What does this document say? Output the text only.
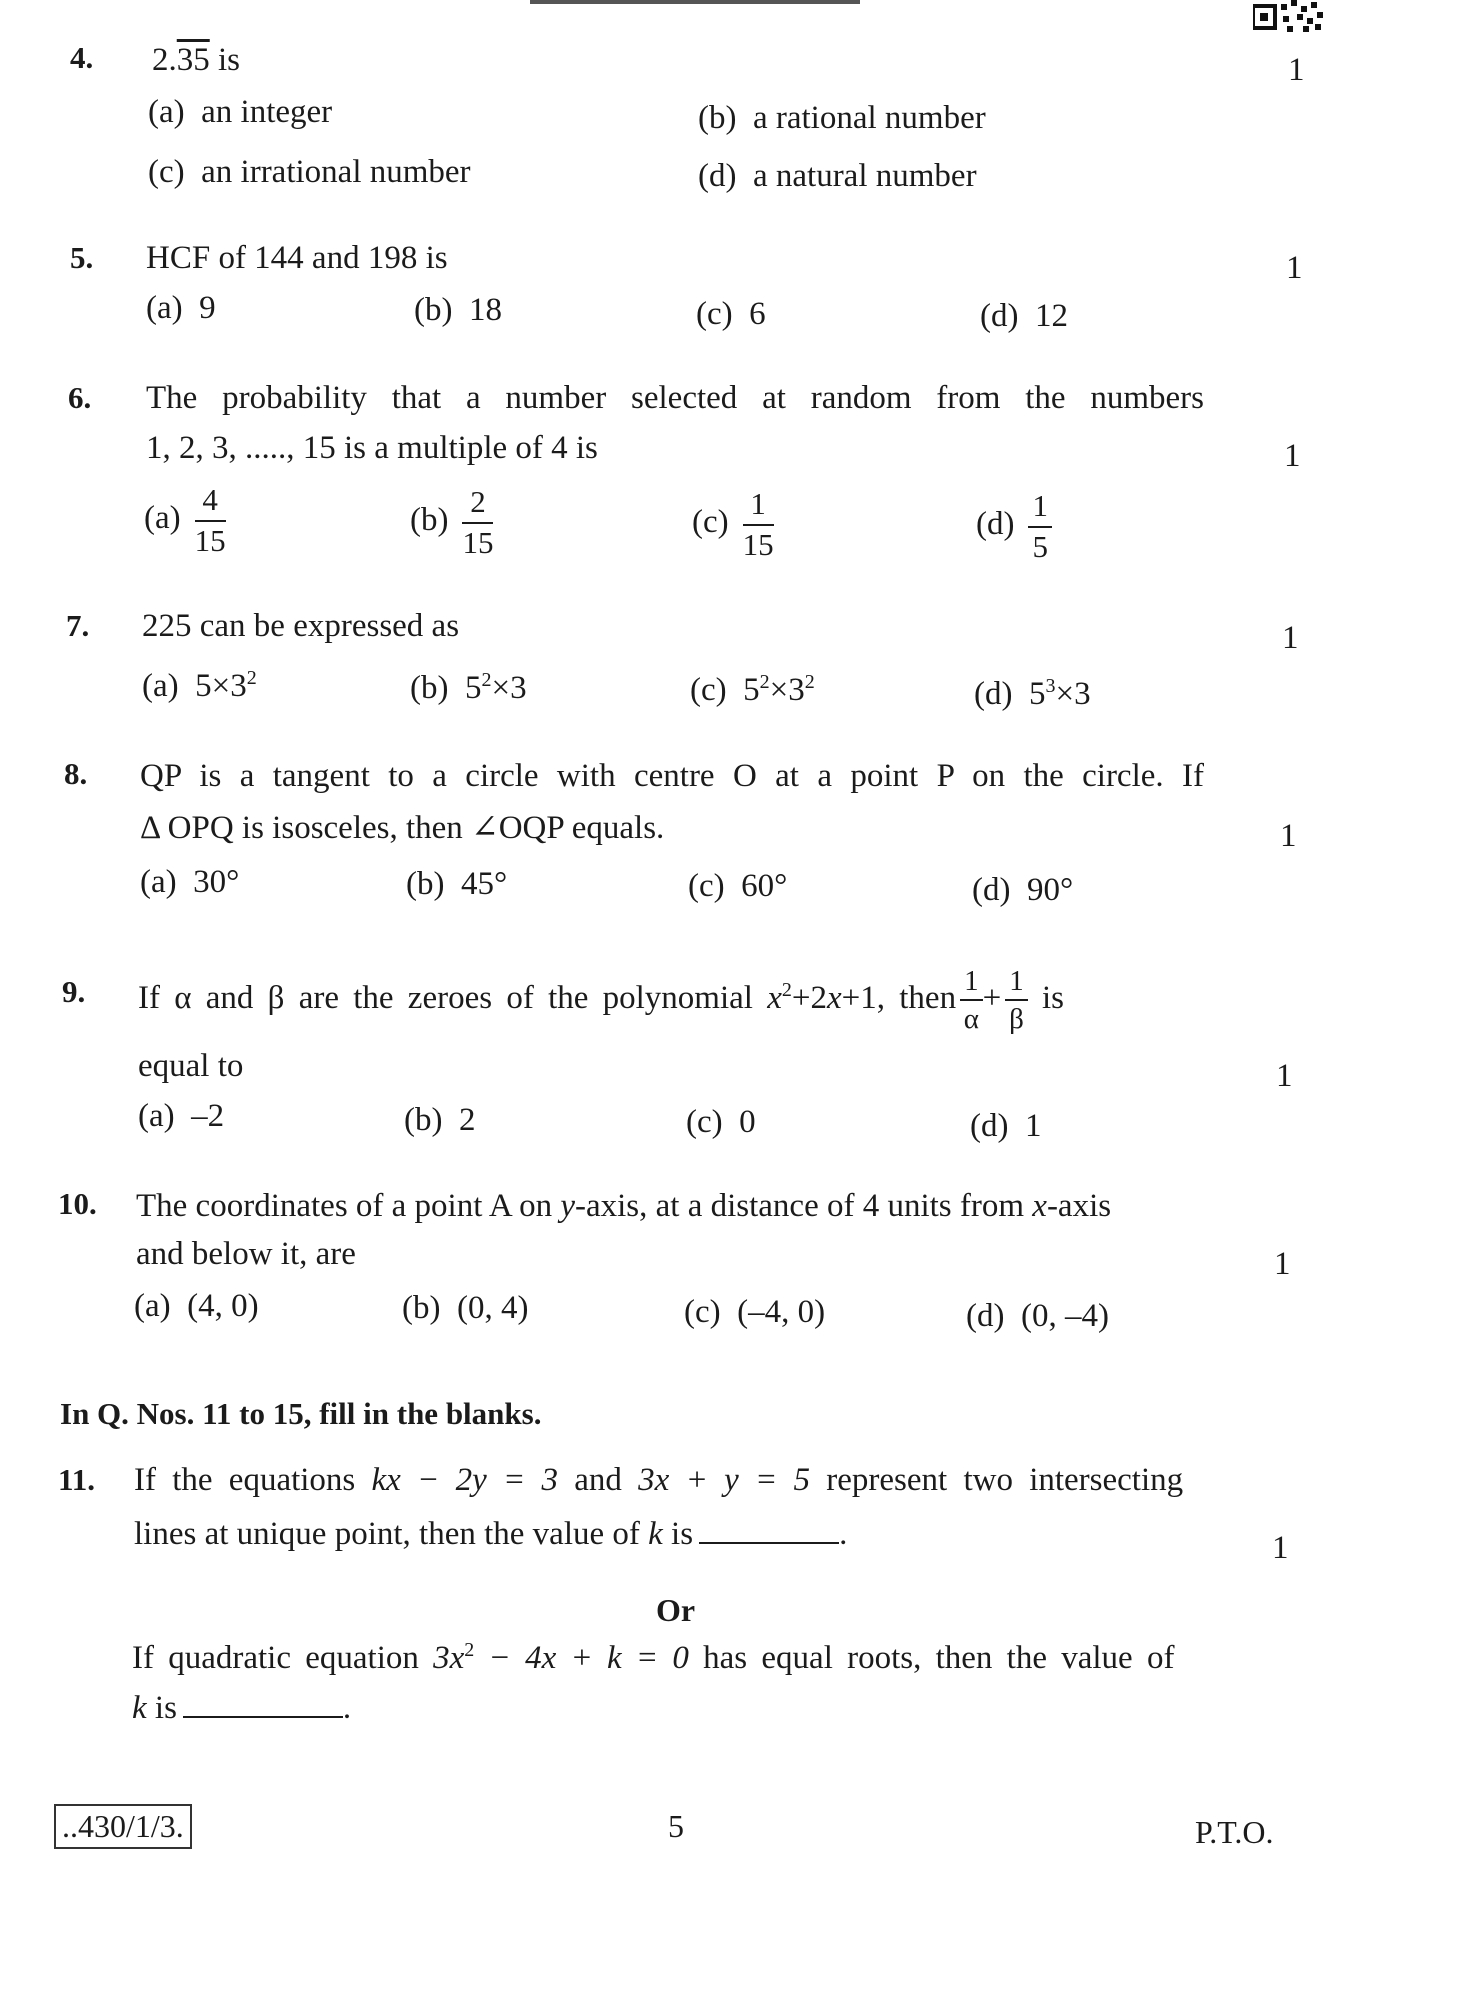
4. 2.35 is	1
(a) an integer	(b) a rational number
(c) an irrational number	(d) a natural number
5. HCF of 144 and 198 is	1
(a) 9	(b) 18	(c) 6	(d) 12
6. The probability that a number selected at random from the numbers
1, 2, 3, ....., 15 is a multiple of 4 is	1
$(a) \frac{4}{15}$	$(b) \frac{2}{15}$	$(c) \frac{1}{15}$	$(d) \frac{1}{5}$
7. 225 can be expressed as	1
(a) $5\times 3^2$	(b) $5^2\times 3$	(c) $5^2\times 3^2$	(d) $5^3\times 3$
8. QP is a tangent to a circle with centre O at a point P on the circle. If
Δ OPQ is isosceles, then ∠OQP equals.	1
(a) 30°	(b) 45°	(c) 60°	(d) 90°
9. If α and β are the zeroes of the polynomial $x^2+2x+1$, then $\frac{1}{\alpha} + \frac{1}{\beta}$ is
equal to	1
(a) –2	(b) 2	(c) 0	(d) 1
10. The coordinates of a point A on y-axis, at a distance of 4 units from x-axis
and below it, are	1
(a) (4, 0)	(b) (0, 4)	(c) (–4, 0)	(d) (0, –4)
In Q. Nos. 11 to 15, fill in the blanks.
11. If the equations kx − 2y = 3 and 3x + y = 5 represent two intersecting
lines at unique point, then the value of k is	.	1
Or
If quadratic equation $3x^2 - 4x + k = 0$ has equal roots, then the value of
k is	.
..430/1/3.	5	P.T.O.
